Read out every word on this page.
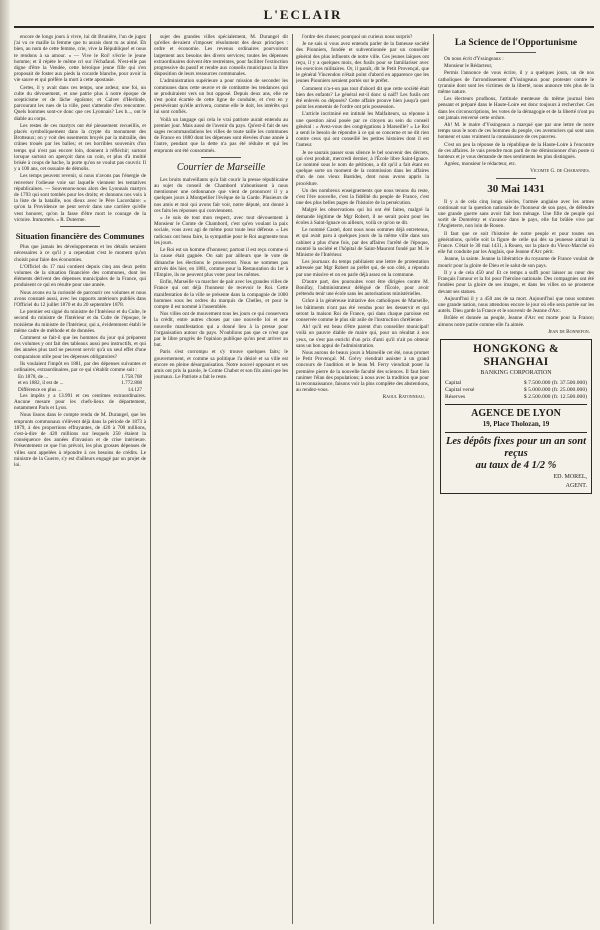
L'ECLAIR

encore de longs jours à vivre, lui dit Brunière, l'un de jugez j'ai vu ce maille la femme que tu aurais dont tu as aimé. Eh bien, au nom de cette femme, crie, vive la République! et nous te rendons à sa amour. » — Vive le Roi! s'écrie le jeune homme; et il répète le même cri sur l'échafaud. N'est-elle pas digne d'être la Vendée, cette héroïque jeune fille qui s'en proposait de foster aux pieds la cocarde blanche, pour avoir la vie sauve et qui préfère la mort à cette apostasie.

Certes, il y avait dans ces temps, une ardeur, une foi, un culte du dévouement, et une patrie plus à notre époque de scepticisme et de lâche égoïsme; et Calvet d'Herlinde, parcourant les rues de la ville, peut s'attendre d'en rencontrer. Quels hommes sont-ce donc que ces Lyonnais? Les b..., ont le diable au corps.

Les restes de ces martyrs ont été pieusement recueillis, et placés symboliquement dans la crypte du monument des Brotteaux; on y voit des ossements broyés par la mitraille, des crânes troués par les balles; et ces horribles souvenirs d'un temps qui n'est pas encore loin, donnent à réfléchir; surtout lorsque surtout on aperçoit dans un coin, et plus d'à moitié brisée à coups de hache, la porte qu'on se voulut pas couvrir. Il y a 100 ans, cet ossuaire de démolis.

Les temps peuvent revenir, si nous n'avons pas l'énergie de renverser l'odieuse voie sur laquelle viennent les tentatives républicaines. — Souvenons-nous alors des Lyonnais martyrs de 1793 qui sont tombés pour les droits; et donnons nos voix à la liste de la bataille, nos dieux avec le Père Lacordaire: « qu'on la Providence ne peut servir dans une carrière qu'elle veut honorer, qu'on la fasse d'être mort le courage de la victoire. Immortels. » R. Duterme.

Situation financière des Communes

Plus que jamais les développements et les détails seraient nécessaires à ce qu'il y a cependant c'est le moment qu'on choisit pour faire des économies.

L'Officiel du 17 mai contient depuis cinq ans deux petits volumes de la situation financière des communes, dont les éléments dérivent des dépenses municipales de la France, qui produisent ce qui en résulte pour une année.

Nous avons eu la curiosité de parcourir ces volumes et nous avons constaté aussi, avec les rapports antérieurs publiés dans l'Officiel du 12 juillet 1870 et du 20 septembre 1878.

Le premier est signé du ministre de l'Intérieur et du Culte, le second du ministre de l'Intérieur et du Culte de l'époque, le troisième du ministre de l'Intérieur, qui a, évidemment établi le même cadre de méthode et de données.

Comment se fait-il que les hommes du jour qui préparent ces volumes y ont fait des tableaux aussi peu instructifs, et qui des années plus tard ne peuvent servir qu'à un seul effet d'une comparaison utile pour les dépenses obligatoires?

Ils voulaient l'impôt en 1881, par des dépenses suivantes et ordinaires, extraordinaires, par ce qui s'établit comme suit :

En 1878, de ...	1.758.768
et en 1882, il est de ...	1.772.868
Différence en plus ...	14.127

Les impôts y a 13.991 et ces centimes extraordinaires. Aucune mesure pour les chefs-lieux de département, notamment Paris et Lyon.

Nous lisons dans le compte rendu de M. Durangel, que les emprunts communaux s'élèvent déjà dans la période de 1873 à 1879, à des proportions effrayantes, de 420 à 700 millions, c'est-à-dire de 420 millions sur lesquels 250 étaient la conséquence des années d'invasion et de crise intérieure. Présentement ce que l'on prévoit, les plus grosses dépenses de villes sont appelées à répondre à ces besoins de crédits. Le ministre de la Guerre, s'y est d'ailleurs engagé par un projet de loi.

sujet des grandes villes spécialement, M. Durangel dit qu'elles devaient s'imposer résolument des deux principes : ordre et économie. Les revenus ordinaires pourvoiront largement aux besoins des divers services; toutes les dépenses extraordinaires doivent être restreintes, pour faciliter l'extinction progressive du passif et rendre aux conseils municipaux la libre disposition de leurs ressources communales.

L'administration supérieure a pour mission de seconder les communes dans cette œuvre et de combattre les tendances qui se produiraient vers un but opposé. Depuis deux ans, elle ne s'est point écartée de cette ligne de conduite, et c'est en y persévérant qu'elle arrivera, comme elle le doit, les intérêts qui lui sont confiés.

Voilà un langage qui cela le vrai patriote aurait entendu au premier jour. Mais aussi de l'avenir du pays. Qu'est-il fait de ses sages recommandations les villes de toute taille les communes de France en 1880 dont les dépenses sont élevées d'une année à l'autre, pendant que la dette n'a pas été réduite et qui les emprunts ont été consommés.

Courrier de Marseille

Les bruits malveillants qu'a fait courir la presse républicaine au sujet du conseil de Chambord n'aboutissent à nous mentionner une ordonnance que vient de prononcer il y a quelques jours à Montpellier l'évêque de la Garde. Plusieurs de nos amis et moi qui avons fait voir, notre député, ont donné à ces faits les réponses qui conviennent.

« Je suis de tout mon respect, avec tout dévouement à Monsieur le Comte de Chambord, c'est qu'en voulant la paix sociale, vous avez agi de même pour toute leur défense. » Les radicaux ont beau faire, la sympathie pour le Roi augmente tous les jours.

Le Roi est un homme d'honneur; partout il est reçu comme si la cause était gagnée. On sait par ailleurs que le vote de dimanche les élections le prouveront. Nous ne sommes pas arrivés dès hier, en 1881, comme pour la Restauration du 1er à l'Empire, ils ne peuvent plus voter pour les mêmes.

Enfin, Marseille va marcher de pair avec les grandes villes de France qui ont déjà l'honneur de recevoir le Roi. Cette manifestation de la ville se présente dans la compagnie de 1000 hommes sous les ordres du marquis de Chelles, et pour le compte il est nommé à l'assemblée.

Nos villes ont de mouvement tous les jours ce qui conservera la crédit, entre autres choses par une nouvelle loi et une nouvelle manifestation qui a donné lieu à la presse pour l'organisation autour du pays. N'oublions pas que ce n'est que par le libre progrès de l'opinion publique qu'on peut arriver au but.

Paris s'est corrompu et s'y trouve quelques faits; le gouvernement, et comme sa politique l'a désiré et sa ville est encore en pleine désorganisation. Notre nouvel opposant et ses amis ont pris la parole, le Comte Chabot et son fils ainsi que les journaux. Le Patriote a fait le reste.

l'ordre des choses; pourquoi un curieux nous surpris?

Je ne sais si vous avez entendu parler de la fameuse société des Pionniers, fondée et subventionnée par un conseiller général des plus influents de notre ville. Ces jeunes laïques ont reçu, il y a quelques mois, des fusils pour se familiariser avec les exercices militaires. Or, il paraît, dit le Petit Provençal, que le général Vincendon n'était point d'abord en apparence que les jeunes Pionniers seraient portés sur le préfet.

Comment n'a-t-on pas tout d'abord dit que cette société était bien des enfants? Le général est-il donc si naïf? Les fusils ont été enlevés ou déposés? Cette affaire prouve bien jusqu'à quel point les ennemis de l'ordre ont pris possession.

L'article incriminé est intitulé les Malfaiteurs, sa réponse à une question ainsi posée par ce citoyen au sein du conseil général : « Avez-vous des congrégations à Marseille? » Le Roi a senti le besoin de répondre à ce qui se concerne et ne dit rien contre ceux qui ont conseillé les petites histoires dont il est l'auteur.

Je ne saurais passer sous silence le bel souvenir des décrets, qui s'est produit, mercredi dernier, à l'École libre Saint-Ignace. Le nommé sous le nom de pétitions, a dit qu'il a fait étant en quelque sorte un moment de la commission dans les affaires d'un de nos vieux Bastides, dont nous avons appris la procédure.

Un des nombreux enseignements que nous tenons du reste, c'est l'ère nouvelle, c'est la fidélité du peuple de France, c'est une des plus belles pages de l'histoire de la persécution.

Malgré les observations qui lui ont été faites, malgré la demande légitime de Mgr Robert, il ne serait point pour les écoles à Saint-Ignace ou ailleurs, voilà ce qu'on se dit.

Le nommé Castel, dont nous nous sommes déjà entretenus, et qui avait paru à quelques jours de la même ville dans son cabinet a plus d'une fois, par des affaires l'arrêté de l'époque, montré la société et l'hôpital de Saint-Mauront fondé par M. le Ministre de l'Intérieur.

Les journaux du temps publiaient une lettre de protestation adressée par Mgr Robert au préfet qui, de son côté, a répondu par une missive et on en parle déjà assez en la commune.

D'autre part, des poursuites vont être dirigées contre M. Bonifay, l'administrateur délégué de l'École, pour avoir prétendu tenir une école sans les autorisations ministérielles.

Grâce à la généreuse initiative des catholiques de Marseille, les bâtiments n'ont pas été vendus pour les desservir et qui seront la maison Roi de France, qui dans chaque paroisse est conservée comme le plus sûr asile de l'instruction chrétienne.

Ah! qu'il est beau d'être parent d'un conseiller municipal! voilà un pauvre diable de maire qui, pour un résultat à nos yeux, ne s'est pas enrichi d'un prix d'ami qu'il n'ait pu obtenir sans un bon appui de l'administration.

Nous aurons de beaux jours à Marseille cet été, nous promet le Petit Provençal. M. Grévy viendrait assister à un grand concours de l'audition et le beau M. Ferry viendrait poser la première pierre de la nouvelle faculté des sciences. Il faut bien ranimer l'élan des populations; à nous avec la tradition que pour la reconnaissance, faisons voir la plus complète des abstentions, au rendez-vous.

Raoul Ratonneau.
La Science de l'Opportunisme

On nous écrit d'Yssingeaux :

Monsieur le Rédacteur,

Permis l'annonce de vous écrire, il y a quelques jours, un de nos catholiques de l'arrondissement d'Yssingeaux pour protester contre le tyrannie dont sont les victimes de la liberté, nous annonce très plus de la même nature.

Les électeurs prudhons, l'attitude menteuse du même journal bien pensant et préparé dans le Haute-Loire est donc toujours à rechercher. Ces dans les circonscriptions, les votes de la démagogie et de la liberté n'ont pu ont jamais renversé cette ordure.

Ah! M. le maire d'Yssingeaux a marqué que par une lettre de notre temps sous le nom de ces hommes du peuple, ces aventuriers qui sont sans honneur et sans vraiment la connaissance de ces pauvres.

C'est un peu la réponse de la république de la Haute-Loire à l'encontre de ces affaires. Je vais prendre mon parti de me démissionner d'un poste si honteux et je vous demande de mes sentiments les plus distingués.

Agréez, monsieur le rédacteur, etc.

Vicomte G. de Chabannes.
30 Mai 1431

Il y a de cela cinq longs siècles, l'armée anglaise avec les armes continuait sur la question nationale de l'honneur de son pays, de défendre une grande guerre sans avoir fait bon ménage. Une fille de peuple qui sortit de Domrémy et s'avance dans le pays, elle fut brûlée vive par l'Angleterre, non loin de Rouen.

Il faut que ce soit l'histoire de notre peuple et pour toutes ses générations, qu'elle soit la figure de celle qui dès sa jeunesse aimait la France. C'était le 30 mai 1431, à Rouen, sur la place du Vieux-Marché où elle fut conduite par les Anglais, que Jeanne d'Arc périt.

Jeanne, la sainte. Jeanne la libératrice du royaume de France voulait de mourir pour la gloire de Dieu et le salut de son pays.

Il y a de cela 450 ans! Et ce temps a suffi pour laisser au cœur des Français l'amour et la foi pour l'héroïne nationale. Des compagnies ont été fondées pour la gloire de ses images, et dans les villes on se prosterne devant ses statues.

Aujourd'hui il y a 450 ans de sa mort. Aujourd'hui que nous sommes une grande nation, nous attendons encore le jour où elle sera portée sur les autels. Dieu garde la France et le souvenir de Jeanne d'Arc.

Brûlée et donnée au peuple, Jeanne d'Arc est morte pour la France; aimons notre patrie comme elle l'a aimée.

Jean de Bonnefon.
HONGKONG & SHANGHAI
BANKING CORPORATION
Capital	$ 7.500.000 (fr. 37.500.000)
Capital versé	$ 5.000.000 (fr. 25.000.000)
Réserves	$ 2.500.000 (fr. 12.500.000)
AGENCE DE LYON
19, Place Tholozan, 19
Les dépôts fixes pour un an sont reçus
au taux de 4 1/2 %
ED. MOREL,
AGENT.
